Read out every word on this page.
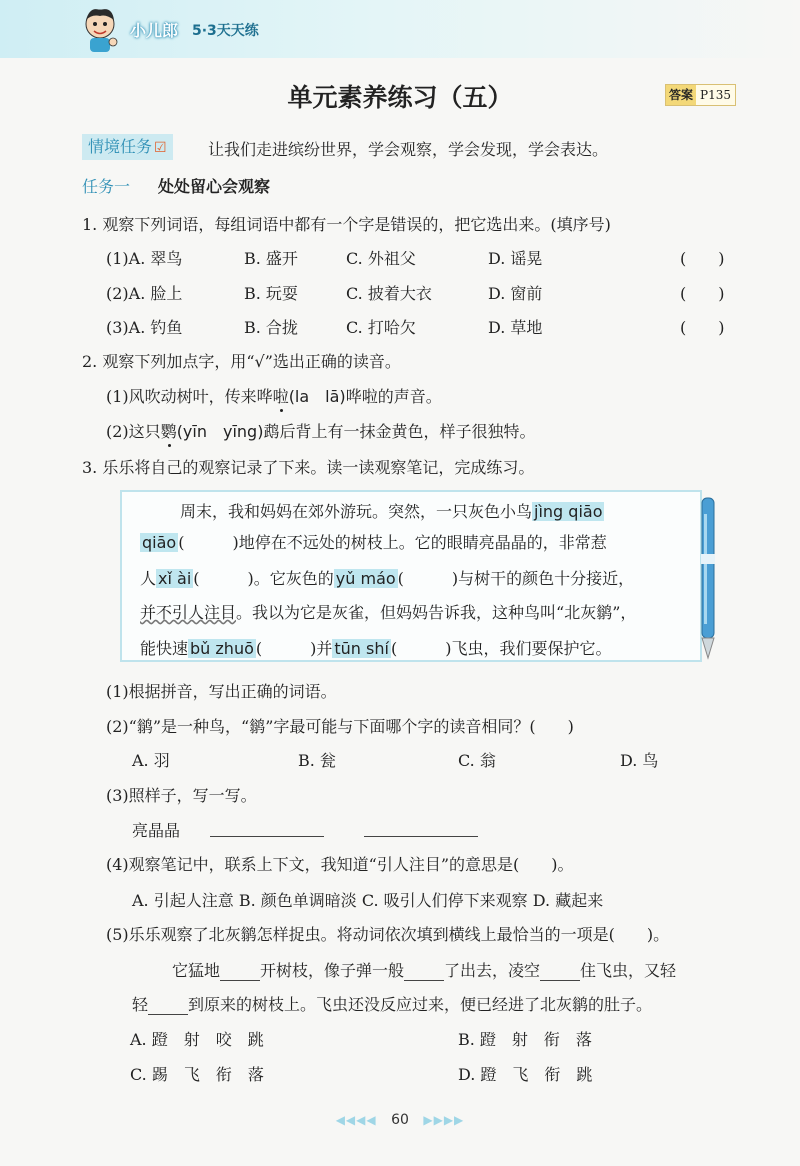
小儿郎 5·3天天练
单元素养练习（五）	答案 P135
情境任务 ☑	让我们走进缤纷世界，学会观察，学会发现，学会表达。
任务一 处处留心会观察
1. 观察下列词语，每组词语中都有一个字是错误的，把它选出来。(填序号)
(1)A. 翠鸟	B. 盛开	C. 外祖父	D. 谣晃	(　　)
(2)A. 脸上	B. 玩耍	C. 披着大衣	D. 窗前	(　　)
(3)A. 钓鱼	B. 合拢	C. 打哈欠	D. 草地	(　　)
2. 观察下列加点字，用“√”选出正确的读音。
(1)风吹动树叶，传来哗啦(la　lā)哗啦的声音。
(2)这只鹦(yīn　yīng)鹉后背上有一抹金黄色，样子很独特。
3. 乐乐将自己的观察记录了下来。读一读观察笔记，完成练习。
周末，我和妈妈在郊外游玩。突然，一只灰色小鸟 jìng qiāo
qiāo (　　　)地停在不远处的树枝上。它的眼睛亮晶晶的，非常惹
人 xǐ ài (　　　)。它灰色的 yǔ máo (　　　)与树干的颜色十分接近，
并不引人注目。我以为它是灰雀，但妈妈告诉我，这种鸟叫“北灰鹟”，
能快速 bǔ zhuō (　　　)并 tūn shí (　　　)飞虫，我们要保护它。
(1)根据拼音，写出正确的词语。
(2)“鹟”是一种鸟，“鹟”字最可能与下面哪个字的读音相同？(　　)
A. 羽	B. 瓮	C. 翁	D. 鸟
(3)照样子，写一写。
亮晶晶
(4)观察笔记中，联系上下文，我知道“引人注目”的意思是(　　)。
A. 引起人注意 B. 颜色单调暗淡 C. 吸引人们停下来观察 D. 藏起来
(5)乐乐观察了北灰鹟怎样捉虫。将动词依次填到横线上最恰当的一项是(　　)。
它猛地	开树枝，像子弹一般	了出去，凌空	住飞虫，又轻
轻	到原来的树枝上。飞虫还没反应过来，便已经进了北灰鹟的肚子。
A. 蹬　射　咬　跳	B. 蹬　射　衔　落
C. 踢　飞　衔　落	D. 蹬　飞　衔　跳
◀◀◀◀ 60 ▶▶▶▶
